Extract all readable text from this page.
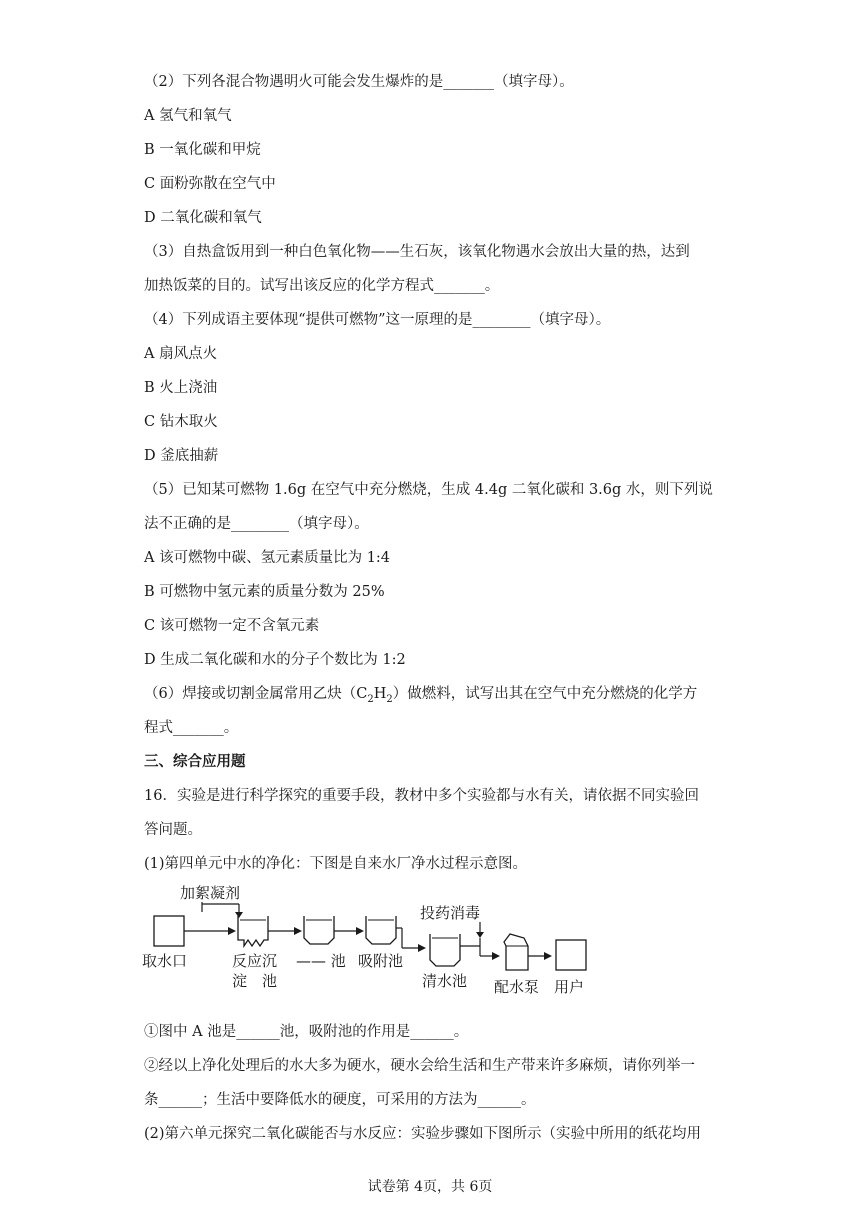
（2）下列各混合物遇明火可能会发生爆炸的是_______（填字母）。
A 氢气和氧气
B 一氧化碳和甲烷
C 面粉弥散在空气中
D 二氧化碳和氧气
（3）自热盒饭用到一种白色氧化物——生石灰，该氧化物遇水会放出大量的热，达到
加热饭菜的目的。试写出该反应的化学方程式_______。
（4）下列成语主要体现“提供可燃物”这一原理的是________（填字母）。
A 扇风点火
B 火上浇油
C 钻木取火
D 釜底抽薪
（5）已知某可燃物 1.6g 在空气中充分燃烧，生成 4.4g 二氧化碳和 3.6g 水，则下列说
法不正确的是________（填字母）。
A 该可燃物中碳、氢元素质量比为 1:4
B 可燃物中氢元素的质量分数为 25%
C 该可燃物一定不含氧元素
D 生成二氧化碳和水的分子个数比为 1:2
（6）焊接或切割金属常用乙炔$(C_2H_2)$做燃料，试写出其在空气中充分燃烧的化学方
程式_______。
三、综合应用题
16．实验是进行科学探究的重要手段，教材中多个实验都与水有关，请依据不同实验回
答问题。
(1)第四单元中水的净化：下图是自来水厂净水过程示意图。
加絮凝剂
投药消毒
取水口	反应沉
淀　池
—— 池 吸附池
清水池 配水泵 用户
①图中 A 池是______池，吸附池的作用是______。
②经以上净化处理后的水大多为硬水，硬水会给生活和生产带来许多麻烦，请你列举一
条______；生活中要降低水的硬度，可采用的方法为______。
(2)第六单元探究二氧化碳能否与水反应：实验步骤如下图所示（实验中所用的纸花均用
试卷第 4页，共 6页
